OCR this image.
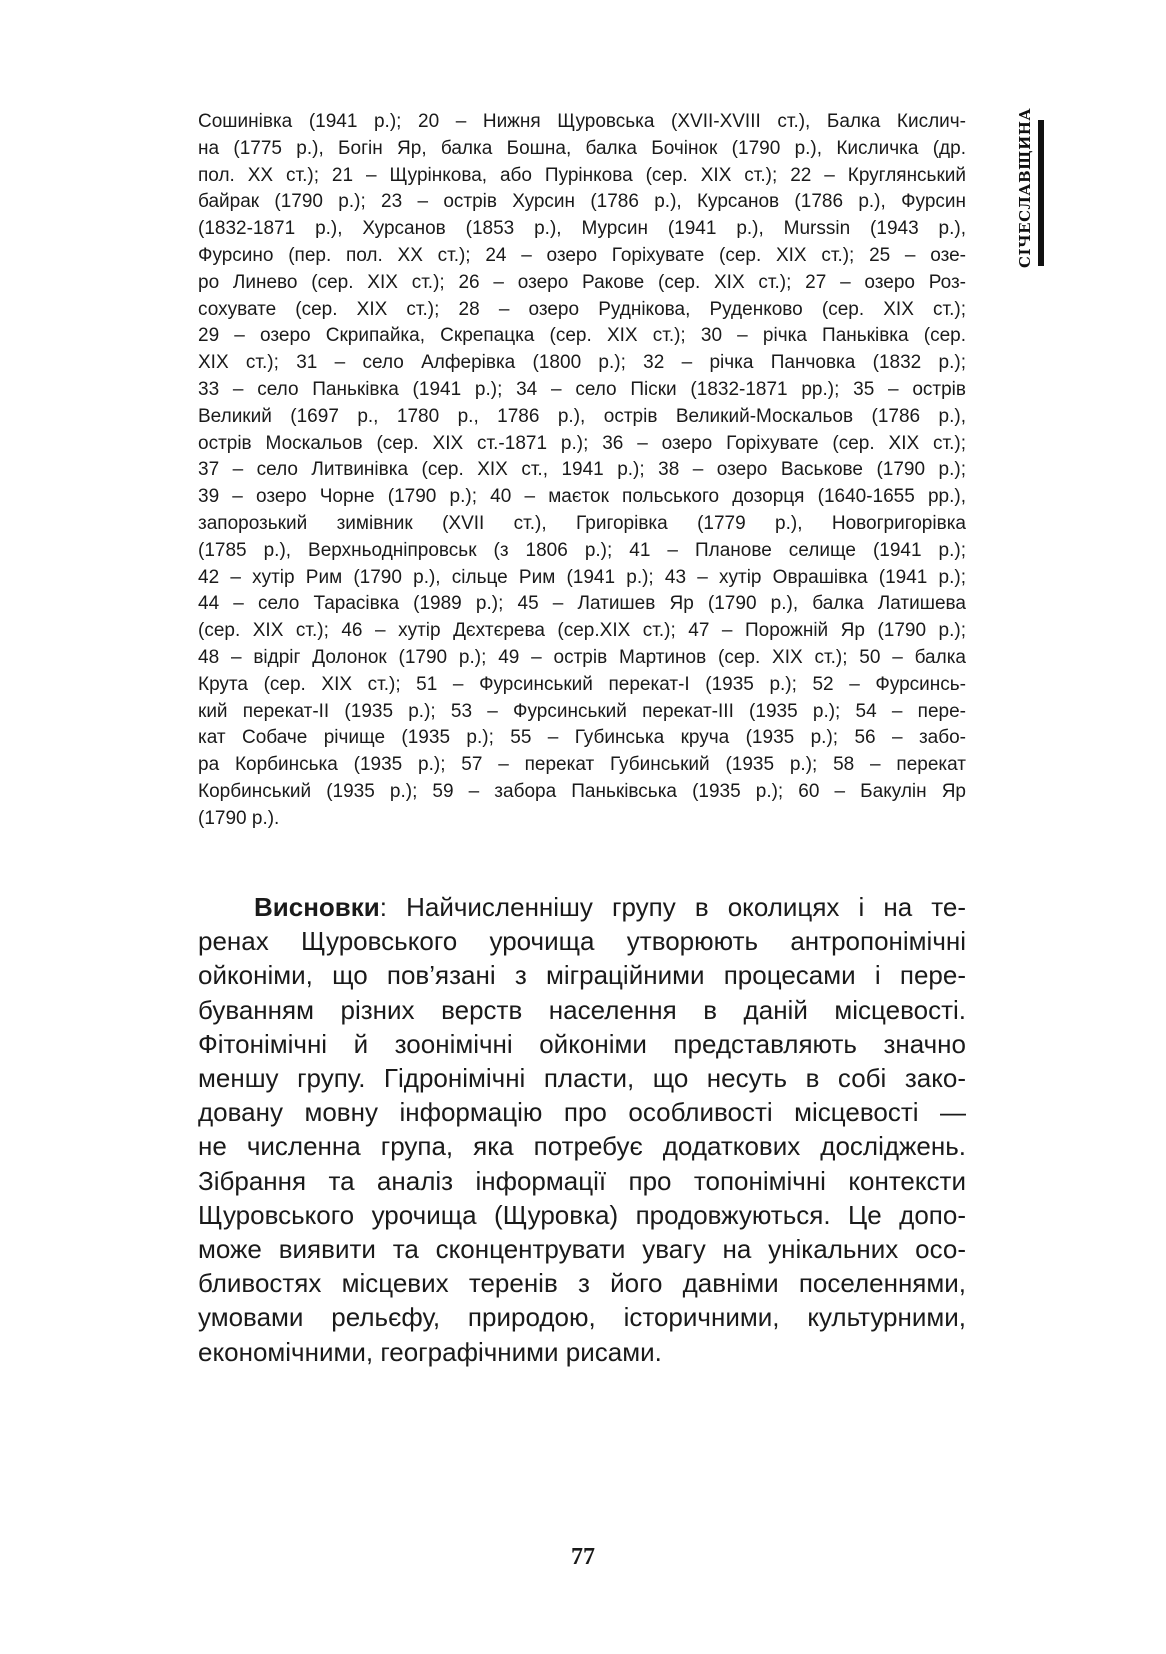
СІЧЕСЛАВЩИНА
Сошинівка (1941 р.); 20 – Нижня Щуровська (XVII-XVIII ст.), Балка Кислич-
на (1775 р.), Богін Яр, балка Бошна, балка Бочінок (1790 р.), Кисличка (др.
пол. XX ст.); 21 – Щурінкова, або Пурінкова (сер. XIX ст.); 22 – Круглянський
байрак (1790 р.); 23 – острів Хурсин (1786 р.), Курсанов (1786 р.), Фурсин
(1832-1871 р.), Хурсанов (1853 р.), Мурсин (1941 р.), Murssin (1943 р.),
Фурсино (пер. пол. XX ст.); 24 – озеро Горіхувате (сер. XIX ст.); 25 – озе-
ро Линево (сер. XIX ст.); 26 – озеро Ракове (сер. XIX ст.); 27 – озеро Роз-
сохувате (сер. XIX ст.); 28 – озеро Руднікова, Руденково (сер. XIX ст.);
29 – озеро Скрипайка, Скрепацка (сер. XIX ст.); 30 – річка Паньківка (сер.
XIX ст.); 31 – село Алферівка (1800 р.); 32 – річка Панчовка (1832 р.);
33 – село Паньківка (1941 р.); 34 – село Піски (1832-1871 рр.); 35 – острів
Великий (1697 р., 1780 р., 1786 р.), острів Великий-Москальов (1786 р.),
острів Москальов (сер. XIX ст.-1871 р.); 36 – озеро Горіхувате (сер. XIX ст.);
37 – село Литвинівка (сер. XIX ст., 1941 р.); 38 – озеро Васькове (1790 р.);
39 – озеро Чорне (1790 р.); 40 – маєток польського дозорця (1640-1655 рр.),
запорозький зимівник (XVII ст.), Григорівка (1779 р.), Новогригорівка
(1785 р.), Верхньодніпровськ (з 1806 р.); 41 – Планове селище (1941 р.);
42 – хутір Рим (1790 р.), сільце Рим (1941 р.); 43 – хутір Оврашівка (1941 р.);
44 – село Тарасівка (1989 р.); 45 – Латишев Яр (1790 р.), балка Латишева
(сер. XIX ст.); 46 – хутір Дєхтєрева (сер.XIX ст.); 47 – Порожній Яр (1790 р.);
48 – відріг Долонок (1790 р.); 49 – острів Мартинов (сер. XIX ст.); 50 – балка
Крута (сер. XIX ст.); 51 – Фурсинський перекат-І (1935 р.); 52 – Фурсинсь-
кий перекат-ІІ (1935 р.); 53 – Фурсинський перекат-ІІІ (1935 р.); 54 – пере-
кат Собаче річище (1935 р.); 55 – Губинська круча (1935 р.); 56 – забо-
ра Корбинська (1935 р.); 57 – перекат Губинський (1935 р.); 58 – перекат
Корбинський (1935 р.); 59 – забора Паньківська (1935 р.); 60 – Бакулін Яр
(1790 р.).
Висновки: Найчисленнішу групу в околицях і на те-
ренах Щуровського урочища утворюють антропонімічні
ойконіми, що пов’язані з міграційними процесами і пере-
буванням різних верств населення в даній місцевості.
Фітонімічні й зоонімічні ойконіми представляють значно
меншу групу. Гідронімічні пласти, що несуть в собі зако-
довану мовну інформацію про особливості місцевості —
не численна група, яка потребує додаткових досліджень.
Зібрання та аналіз інформації про топонімічні контексти
Щуровського урочища (Щуровка) продовжуються. Це допо-
може виявити та сконцентрувати увагу на унікальних осо-
бливостях місцевих теренів з його давніми поселеннями,
умовами рельєфу, природою, історичними, культурними,
економічними, географічними рисами.
77
